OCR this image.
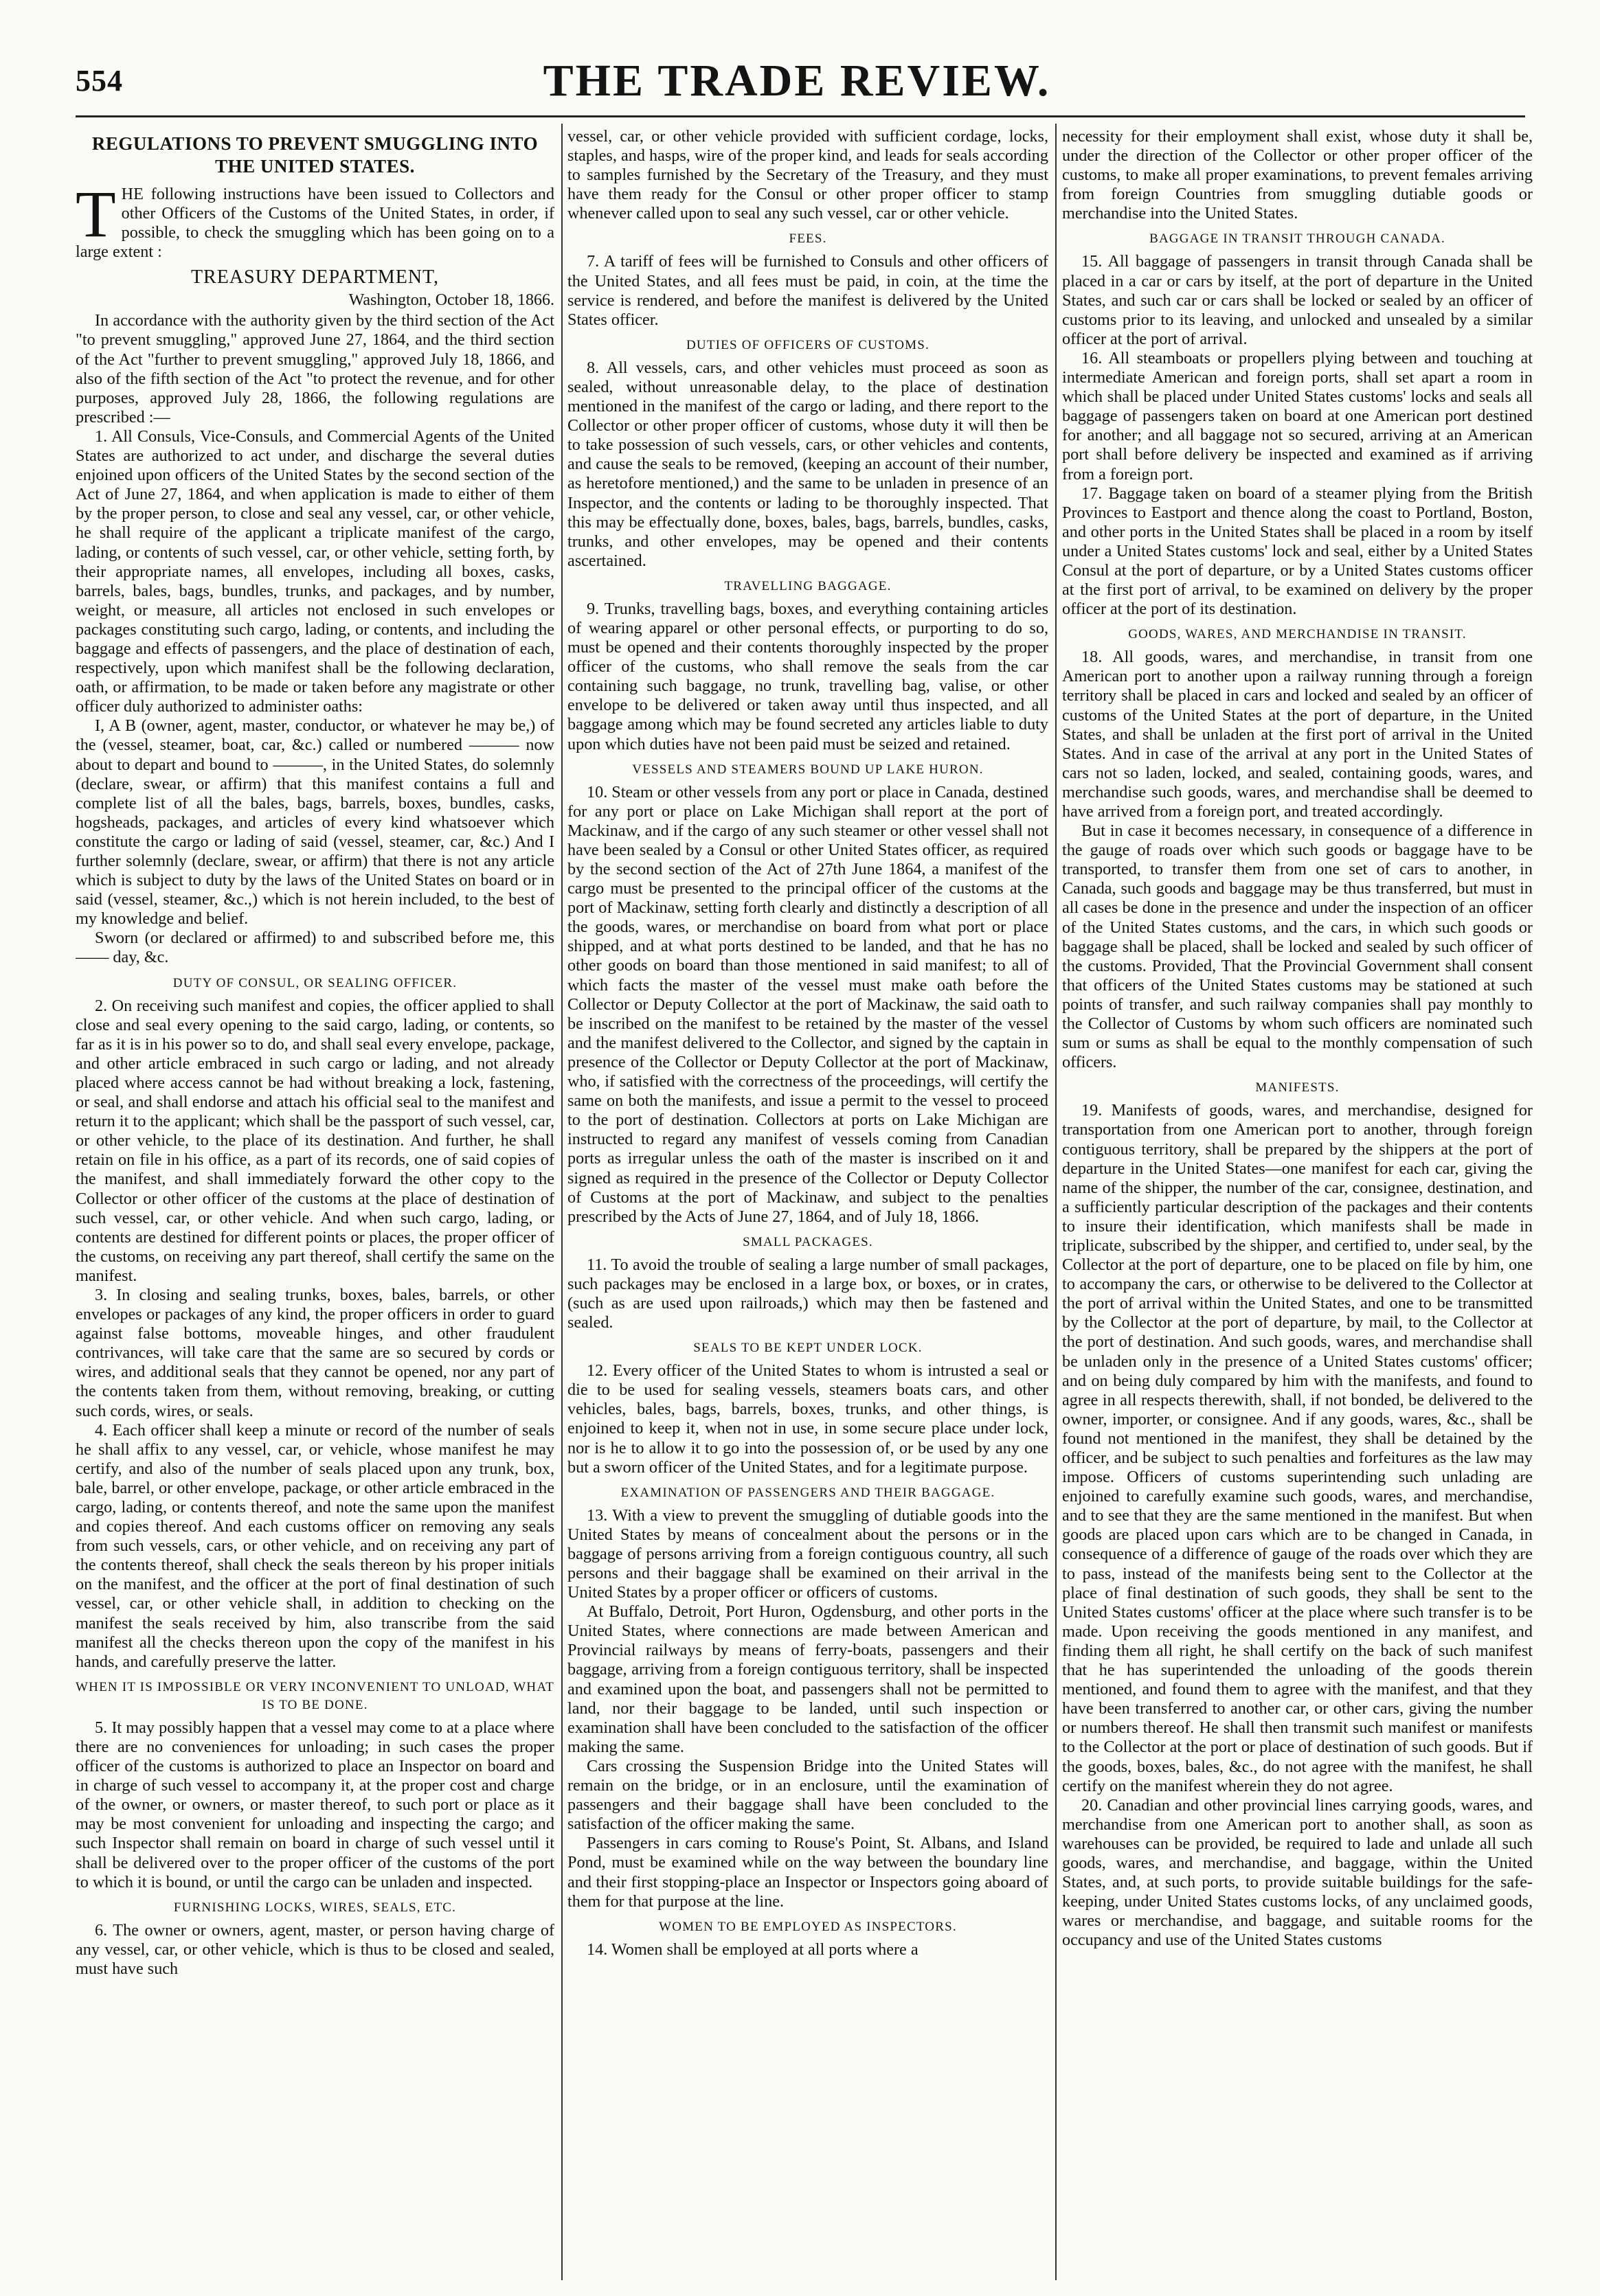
554	THE TRADE REVIEW.
REGULATIONS TO PREVENT SMUGGLING INTO THE UNITED STATES.

THE following instructions have been issued to Collectors and other Officers of the Customs of the United States, in order, if possible, to check the smuggling which has been going on to a large extent :

TREASURY DEPARTMENT,
Washington, October 18, 1866.

In accordance with the authority given by the third section of the Act "to prevent smuggling," approved June 27, 1864, and the third section of the Act "further to prevent smuggling," approved July 18, 1866, and also of the fifth section of the Act "to protect the revenue, and for other purposes, approved July 28, 1866, the following regulations are prescribed :—

1. All Consuls, Vice-Consuls, and Commercial Agents of the United States are authorized to act under, and discharge the several duties enjoined upon officers of the United States by the second section of the Act of June 27, 1864, and when application is made to either of them by the proper person, to close and seal any vessel, car, or other vehicle, he shall require of the applicant a triplicate manifest of the cargo, lading, or contents of such vessel, car, or other vehicle, setting forth, by their appropriate names, all envelopes, including all boxes, casks, barrels, bales, bags, bundles, trunks, and packages, and by number, weight, or measure, all articles not enclosed in such envelopes or packages constituting such cargo, lading, or contents, and including the baggage and effects of passengers, and the place of destination of each, respectively, upon which manifest shall be the following declaration, oath, or affirmation, to be made or taken before any magistrate or other officer duly authorized to administer oaths:

I, A B (owner, agent, master, conductor, or whatever he may be,) of the (vessel, steamer, boat, car, &c.) called or numbered ——— now about to depart and bound to ———, in the United States, do solemnly (declare, swear, or affirm) that this manifest contains a full and complete list of all the bales, bags, barrels, boxes, bundles, casks, hogsheads, packages, and articles of every kind whatsoever which constitute the cargo or lading of said (vessel, steamer, car, &c.) And I further solemnly (declare, swear, or affirm) that there is not any article which is subject to duty by the laws of the United States on board or in said (vessel, steamer, &c.,) which is not herein included, to the best of my knowledge and belief.

Sworn (or declared or affirmed) to and subscribed before me, this —— day, &c.

DUTY OF CONSUL, OR SEALING OFFICER.

2. On receiving such manifest and copies, the officer applied to shall close and seal every opening to the said cargo, lading, or contents, so far as it is in his power so to do, and shall seal every envelope, package, and other article embraced in such cargo or lading, and not already placed where access cannot be had without breaking a lock, fastening, or seal, and shall endorse and attach his official seal to the manifest and return it to the applicant; which shall be the passport of such vessel, car, or other vehicle, to the place of its destination. And further, he shall retain on file in his office, as a part of its records, one of said copies of the manifest, and shall immediately forward the other copy to the Collector or other officer of the customs at the place of destination of such vessel, car, or other vehicle. And when such cargo, lading, or contents are destined for different points or places, the proper officer of the customs, on receiving any part thereof, shall certify the same on the manifest.

3. In closing and sealing trunks, boxes, bales, barrels, or other envelopes or packages of any kind, the proper officers in order to guard against false bottoms, moveable hinges, and other fraudulent contrivances, will take care that the same are so secured by cords or wires, and additional seals that they cannot be opened, nor any part of the contents taken from them, without removing, breaking, or cutting such cords, wires, or seals.

4. Each officer shall keep a minute or record of the number of seals he shall affix to any vessel, car, or vehicle, whose manifest he may certify, and also of the number of seals placed upon any trunk, box, bale, barrel, or other envelope, package, or other article embraced in the cargo, lading, or contents thereof, and note the same upon the manifest and copies thereof. And each customs officer on removing any seals from such vessels, cars, or other vehicle, and on receiving any part of the contents thereof, shall check the seals thereon by his proper initials on the manifest, and the officer at the port of final destination of such vessel, car, or other vehicle shall, in addition to checking on the manifest the seals received by him, also transcribe from the said manifest all the checks thereon upon the copy of the manifest in his hands, and carefully preserve the latter.

WHEN IT IS IMPOSSIBLE OR VERY INCONVENIENT TO UNLOAD, WHAT IS TO BE DONE.

5. It may possibly happen that a vessel may come to at a place where there are no conveniences for unloading; in such cases the proper officer of the customs is authorized to place an Inspector on board and in charge of such vessel to accompany it, at the proper cost and charge of the owner, or owners, or master thereof, to such port or place as it may be most convenient for unloading and inspecting the cargo; and such Inspector shall remain on board in charge of such vessel until it shall be delivered over to the proper officer of the customs of the port to which it is bound, or until the cargo can be unladen and inspected.

FURNISHING LOCKS, WIRES, SEALS, ETC.

6. The owner or owners, agent, master, or person having charge of any vessel, car, or other vehicle, which is thus to be closed and sealed, must have such

vessel, car, or other vehicle provided with sufficient cordage, locks, staples, and hasps, wire of the proper kind, and leads for seals according to samples furnished by the Secretary of the Treasury, and they must have them ready for the Consul or other proper officer to stamp whenever called upon to seal any such vessel, car or other vehicle.

FEES.

7. A tariff of fees will be furnished to Consuls and other officers of the United States, and all fees must be paid, in coin, at the time the service is rendered, and before the manifest is delivered by the United States officer.

DUTIES OF OFFICERS OF CUSTOMS.

8. All vessels, cars, and other vehicles must proceed as soon as sealed, without unreasonable delay, to the place of destination mentioned in the manifest of the cargo or lading, and there report to the Collector or other proper officer of customs, whose duty it will then be to take possession of such vessels, cars, or other vehicles and contents, and cause the seals to be removed, (keeping an account of their number, as heretofore mentioned,) and the same to be unladen in presence of an Inspector, and the contents or lading to be thoroughly inspected. That this may be effectually done, boxes, bales, bags, barrels, bundles, casks, trunks, and other envelopes, may be opened and their contents ascertained.

TRAVELLING BAGGAGE.

9. Trunks, travelling bags, boxes, and everything containing articles of wearing apparel or other personal effects, or purporting to do so, must be opened and their contents thoroughly inspected by the proper officer of the customs, who shall remove the seals from the car containing such baggage, no trunk, travelling bag, valise, or other envelope to be delivered or taken away until thus inspected, and all baggage among which may be found secreted any articles liable to duty upon which duties have not been paid must be seized and retained.

VESSELS AND STEAMERS BOUND UP LAKE HURON.

10. Steam or other vessels from any port or place in Canada, destined for any port or place on Lake Michigan shall report at the port of Mackinaw, and if the cargo of any such steamer or other vessel shall not have been sealed by a Consul or other United States officer, as required by the second section of the Act of 27th June 1864, a manifest of the cargo must be presented to the principal officer of the customs at the port of Mackinaw, setting forth clearly and distinctly a description of all the goods, wares, or merchandise on board from what port or place shipped, and at what ports destined to be landed, and that he has no other goods on board than those mentioned in said manifest; to all of which facts the master of the vessel must make oath before the Collector or Deputy Collector at the port of Mackinaw, the said oath to be inscribed on the manifest to be retained by the master of the vessel and the manifest delivered to the Collector, and signed by the captain in presence of the Collector or Deputy Collector at the port of Mackinaw, who, if satisfied with the correctness of the proceedings, will certify the same on both the manifests, and issue a permit to the vessel to proceed to the port of destination. Collectors at ports on Lake Michigan are instructed to regard any manifest of vessels coming from Canadian ports as irregular unless the oath of the master is inscribed on it and signed as required in the presence of the Collector or Deputy Collector of Customs at the port of Mackinaw, and subject to the penalties prescribed by the Acts of June 27, 1864, and of July 18, 1866.

SMALL PACKAGES.

11. To avoid the trouble of sealing a large number of small packages, such packages may be enclosed in a large box, or boxes, or in crates, (such as are used upon railroads,) which may then be fastened and sealed.

SEALS TO BE KEPT UNDER LOCK.

12. Every officer of the United States to whom is intrusted a seal or die to be used for sealing vessels, steamers boats cars, and other vehicles, bales, bags, barrels, boxes, trunks, and other things, is enjoined to keep it, when not in use, in some secure place under lock, nor is he to allow it to go into the possession of, or be used by any one but a sworn officer of the United States, and for a legitimate purpose.

EXAMINATION OF PASSENGERS AND THEIR BAGGAGE.

13. With a view to prevent the smuggling of dutiable goods into the United States by means of concealment about the persons or in the baggage of persons arriving from a foreign contiguous country, all such persons and their baggage shall be examined on their arrival in the United States by a proper officer or officers of customs.

At Buffalo, Detroit, Port Huron, Ogdensburg, and other ports in the United States, where connections are made between American and Provincial railways by means of ferry-boats, passengers and their baggage, arriving from a foreign contiguous territory, shall be inspected and examined upon the boat, and passengers shall not be permitted to land, nor their baggage to be landed, until such inspection or examination shall have been concluded to the satisfaction of the officer making the same.

Cars crossing the Suspension Bridge into the United States will remain on the bridge, or in an enclosure, until the examination of passengers and their baggage shall have been concluded to the satisfaction of the officer making the same.

Passengers in cars coming to Rouse's Point, St. Albans, and Island Pond, must be examined while on the way between the boundary line and their first stopping-place an Inspector or Inspectors going aboard of them for that purpose at the line.

WOMEN TO BE EMPLOYED AS INSPECTORS.

14. Women shall be employed at all ports where a

necessity for their employment shall exist, whose duty it shall be, under the direction of the Collector or other proper officer of the customs, to make all proper examinations, to prevent females arriving from foreign Countries from smuggling dutiable goods or merchandise into the United States.

BAGGAGE IN TRANSIT THROUGH CANADA.

15. All baggage of passengers in transit through Canada shall be placed in a car or cars by itself, at the port of departure in the United States, and such car or cars shall be locked or sealed by an officer of customs prior to its leaving, and unlocked and unsealed by a similar officer at the port of arrival.

16. All steamboats or propellers plying between and touching at intermediate American and foreign ports, shall set apart a room in which shall be placed under United States customs' locks and seals all baggage of passengers taken on board at one American port destined for another; and all baggage not so secured, arriving at an American port shall before delivery be inspected and examined as if arriving from a foreign port.

17. Baggage taken on board of a steamer plying from the British Provinces to Eastport and thence along the coast to Portland, Boston, and other ports in the United States shall be placed in a room by itself under a United States customs' lock and seal, either by a United States Consul at the port of departure, or by a United States customs officer at the first port of arrival, to be examined on delivery by the proper officer at the port of its destination.

GOODS, WARES, AND MERCHANDISE IN TRANSIT.

18. All goods, wares, and merchandise, in transit from one American port to another upon a railway running through a foreign territory shall be placed in cars and locked and sealed by an officer of customs of the United States at the port of departure, in the United States, and shall be unladen at the first port of arrival in the United States. And in case of the arrival at any port in the United States of cars not so laden, locked, and sealed, containing goods, wares, and merchandise such goods, wares, and merchandise shall be deemed to have arrived from a foreign port, and treated accordingly.

But in case it becomes necessary, in consequence of a difference in the gauge of roads over which such goods or baggage have to be transported, to transfer them from one set of cars to another, in Canada, such goods and baggage may be thus transferred, but must in all cases be done in the presence and under the inspection of an officer of the United States customs, and the cars, in which such goods or baggage shall be placed, shall be locked and sealed by such officer of the customs. Provided, That the Provincial Government shall consent that officers of the United States customs may be stationed at such points of transfer, and such railway companies shall pay monthly to the Collector of Customs by whom such officers are nominated such sum or sums as shall be equal to the monthly compensation of such officers.

MANIFESTS.

19. Manifests of goods, wares, and merchandise, designed for transportation from one American port to another, through foreign contiguous territory, shall be prepared by the shippers at the port of departure in the United States—one manifest for each car, giving the name of the shipper, the number of the car, consignee, destination, and a sufficiently particular description of the packages and their contents to insure their identification, which manifests shall be made in triplicate, subscribed by the shipper, and certified to, under seal, by the Collector at the port of departure, one to be placed on file by him, one to accompany the cars, or otherwise to be delivered to the Collector at the port of arrival within the United States, and one to be transmitted by the Collector at the port of departure, by mail, to the Collector at the port of destination. And such goods, wares, and merchandise shall be unladen only in the presence of a United States customs' officer; and on being duly compared by him with the manifests, and found to agree in all respects therewith, shall, if not bonded, be delivered to the owner, importer, or consignee. And if any goods, wares, &c., shall be found not mentioned in the manifest, they shall be detained by the officer, and be subject to such penalties and forfeitures as the law may impose. Officers of customs superintending such unlading are enjoined to carefully examine such goods, wares, and merchandise, and to see that they are the same mentioned in the manifest. But when goods are placed upon cars which are to be changed in Canada, in consequence of a difference of gauge of the roads over which they are to pass, instead of the manifests being sent to the Collector at the place of final destination of such goods, they shall be sent to the United States customs' officer at the place where such transfer is to be made. Upon receiving the goods mentioned in any manifest, and finding them all right, he shall certify on the back of such manifest that he has superintended the unloading of the goods therein mentioned, and found them to agree with the manifest, and that they have been transferred to another car, or other cars, giving the number or numbers thereof. He shall then transmit such manifest or manifests to the Collector at the port or place of destination of such goods. But if the goods, boxes, bales, &c., do not agree with the manifest, he shall certify on the manifest wherein they do not agree.

20. Canadian and other provincial lines carrying goods, wares, and merchandise from one American port to another shall, as soon as warehouses can be provided, be required to lade and unlade all such goods, wares, and merchandise, and baggage, within the United States, and, at such ports, to provide suitable buildings for the safe-keeping, under United States customs locks, of any unclaimed goods, wares or merchandise, and baggage, and suitable rooms for the occupancy and use of the United States customs
